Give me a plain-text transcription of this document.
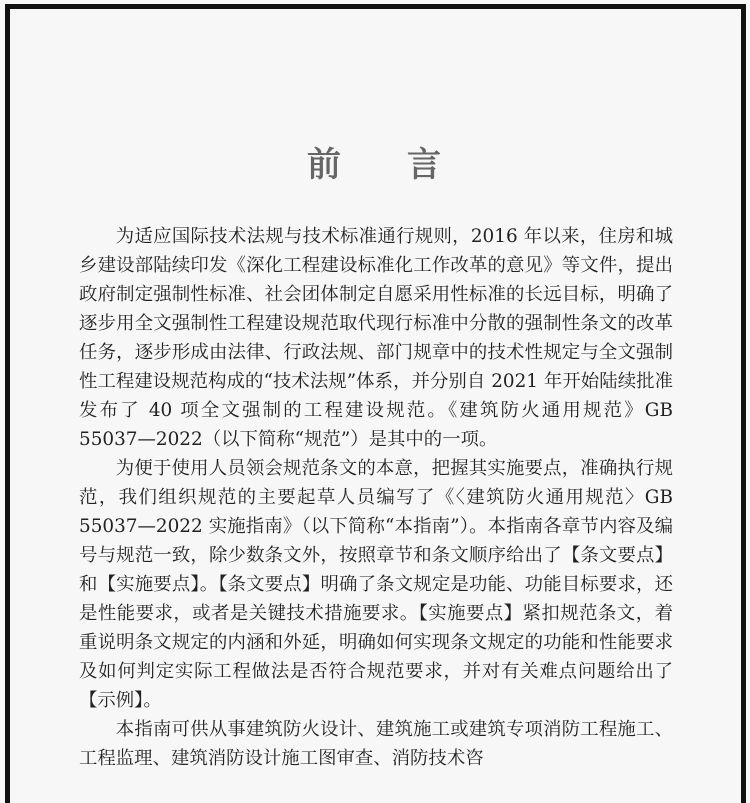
前 言

为适应国际技术法规与技术标准通行规则，2016 年以来，住房和城乡建设部陆续印发《深化工程建设标准化工作改革的意见》等文件，提出政府制定强制性标准、社会团体制定自愿采用性标准的长远目标，明确了逐步用全文强制性工程建设规范取代现行标准中分散的强制性条文的改革任务，逐步形成由法律、行政法规、部门规章中的技术性规定与全文强制性工程建设规范构成的“技术法规”体系，并分别自 2021 年开始陆续批准发布了 40 项全文强制的工程建设规范。《建筑防火通用规范》GB 55037—2022（以下简称“规范”）是其中的一项。

为便于使用人员领会规范条文的本意，把握其实施要点，准确执行规范，我们组织规范的主要起草人员编写了《〈建筑防火通用规范〉GB 55037—2022 实施指南》（以下简称“本指南”）。本指南各章节内容及编号与规范一致，除少数条文外，按照章节和条文顺序给出了【条文要点】和【实施要点】。【条文要点】明确了条文规定是功能、功能目标要求，还是性能要求，或者是关键技术措施要求。【实施要点】紧扣规范条文，着重说明条文规定的内涵和外延，明确如何实现条文规定的功能和性能要求及如何判定实际工程做法是否符合规范要求，并对有关难点问题给出了【示例】。

本指南可供从事建筑防火设计、建筑施工或建筑专项消防工程施工、工程监理、建筑消防设计施工图审查、消防技术咨
